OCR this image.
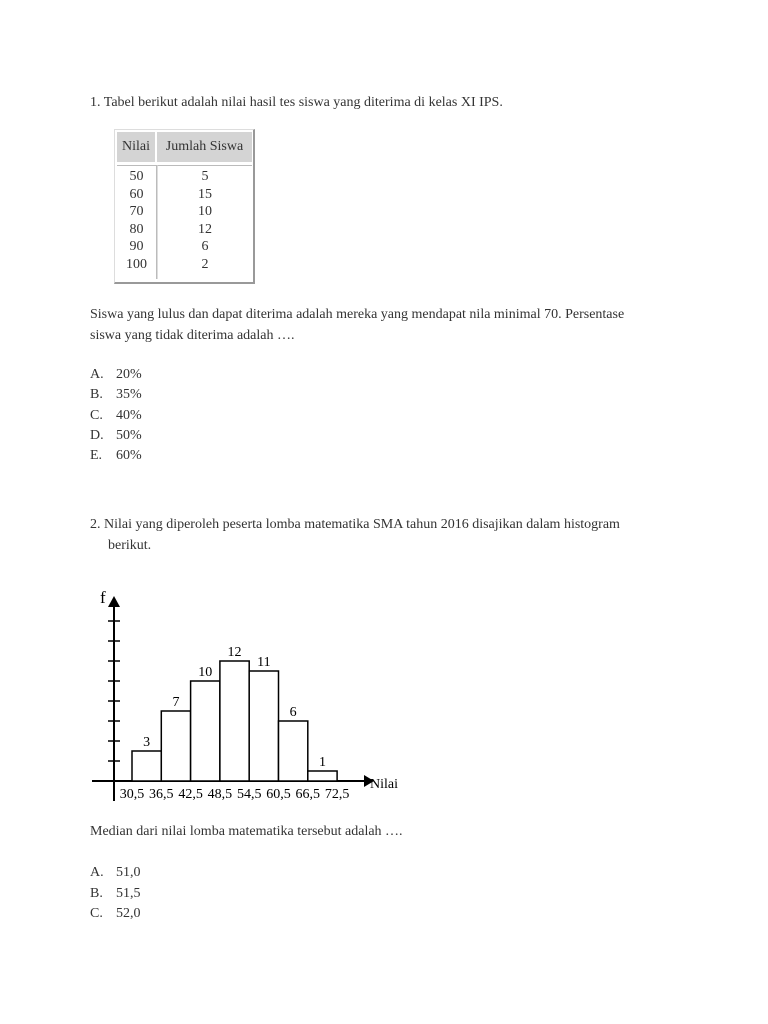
1. Tabel berikut adalah nilai hasil tes siswa yang diterima di kelas XI IPS.
Nilai	Jumlah Siswa
50
60
70
80
90
100
5
15
10
12
6
2
Siswa yang lulus dan dapat diterima adalah mereka yang mendapat nila minimal 70. Persentase
siswa yang tidak diterima adalah ….
A. 20%
B. 35%
C. 40%
D. 50%
E. 60%
2. Nilai yang diperoleh peserta lomba matematika SMA tahun 2016 disajikan dalam histogram
berikut.
f
Nilai
3
7
10
12
11
6
1
30,5 36,5 42,5 48,5 54,5 60,5 66,5 72,5
Median dari nilai lomba matematika tersebut adalah ….
A. 51,0
B. 51,5
C. 52,0
